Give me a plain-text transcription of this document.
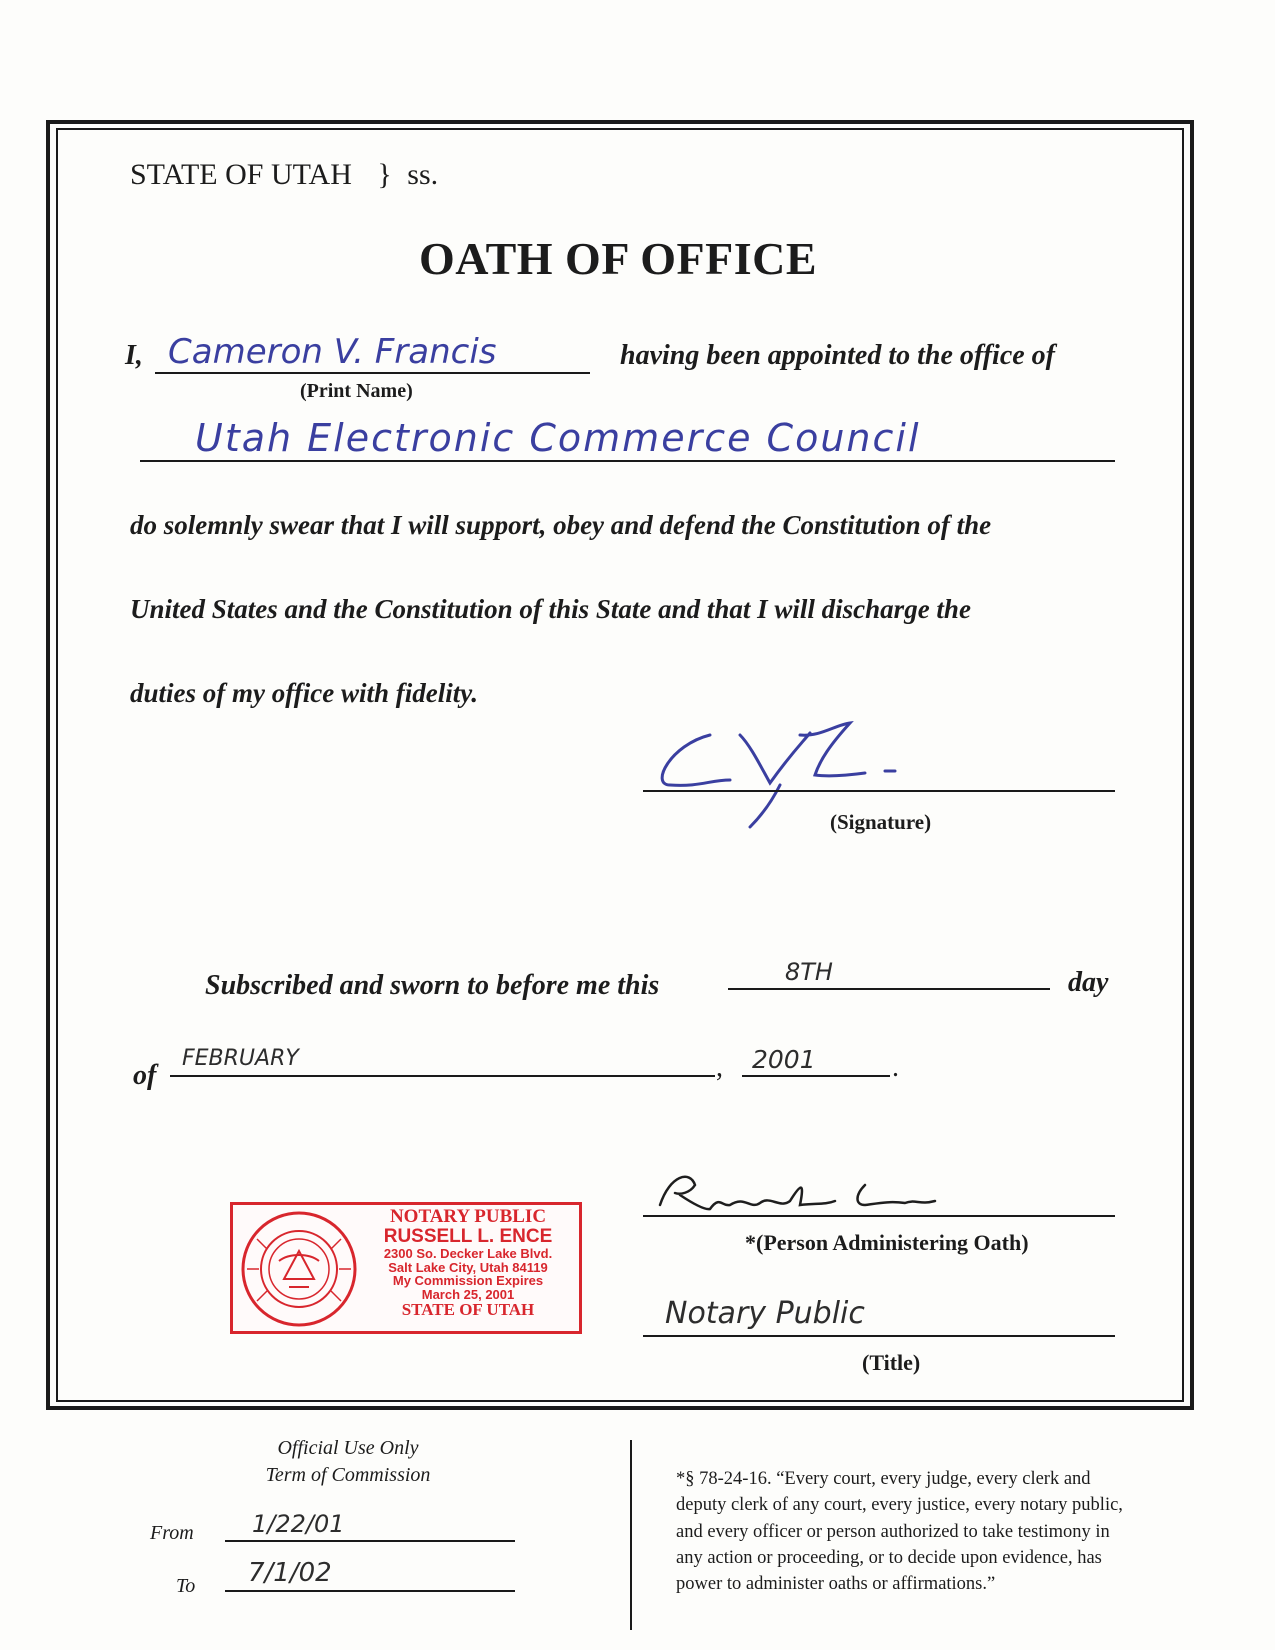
STATE OF UTAH } ss.
OATH OF OFFICE
I, Cameron V. Francis
(Print Name)
having been appointed to the office of
Utah Electronic Commerce Council
do solemnly swear that I will support, obey and defend the Constitution of the
United States and the Constitution of this State and that I will discharge the
duties of my office with fidelity.
(Signature)
Subscribed and sworn to before me this	8TH	day
of
FEBRUARY	, 2001	.
NOTARY PUBLIC
RUSSELL L. ENCE
2300 So. Decker Lake Blvd.
Salt Lake City, Utah 84119
My Commission Expires
March 25, 2001
STATE OF UTAH
*(Person Administering Oath)
Notary Public
(Title)
Official Use Only
Term of Commission
From 1/22/01
To 7/1/02
*§ 78-24-16. “Every court, every judge, every clerk and
deputy clerk of any court, every justice, every notary public,
and every officer or person authorized to take testimony in
any action or proceeding, or to decide upon evidence, has
power to administer oaths or affirmations.”
